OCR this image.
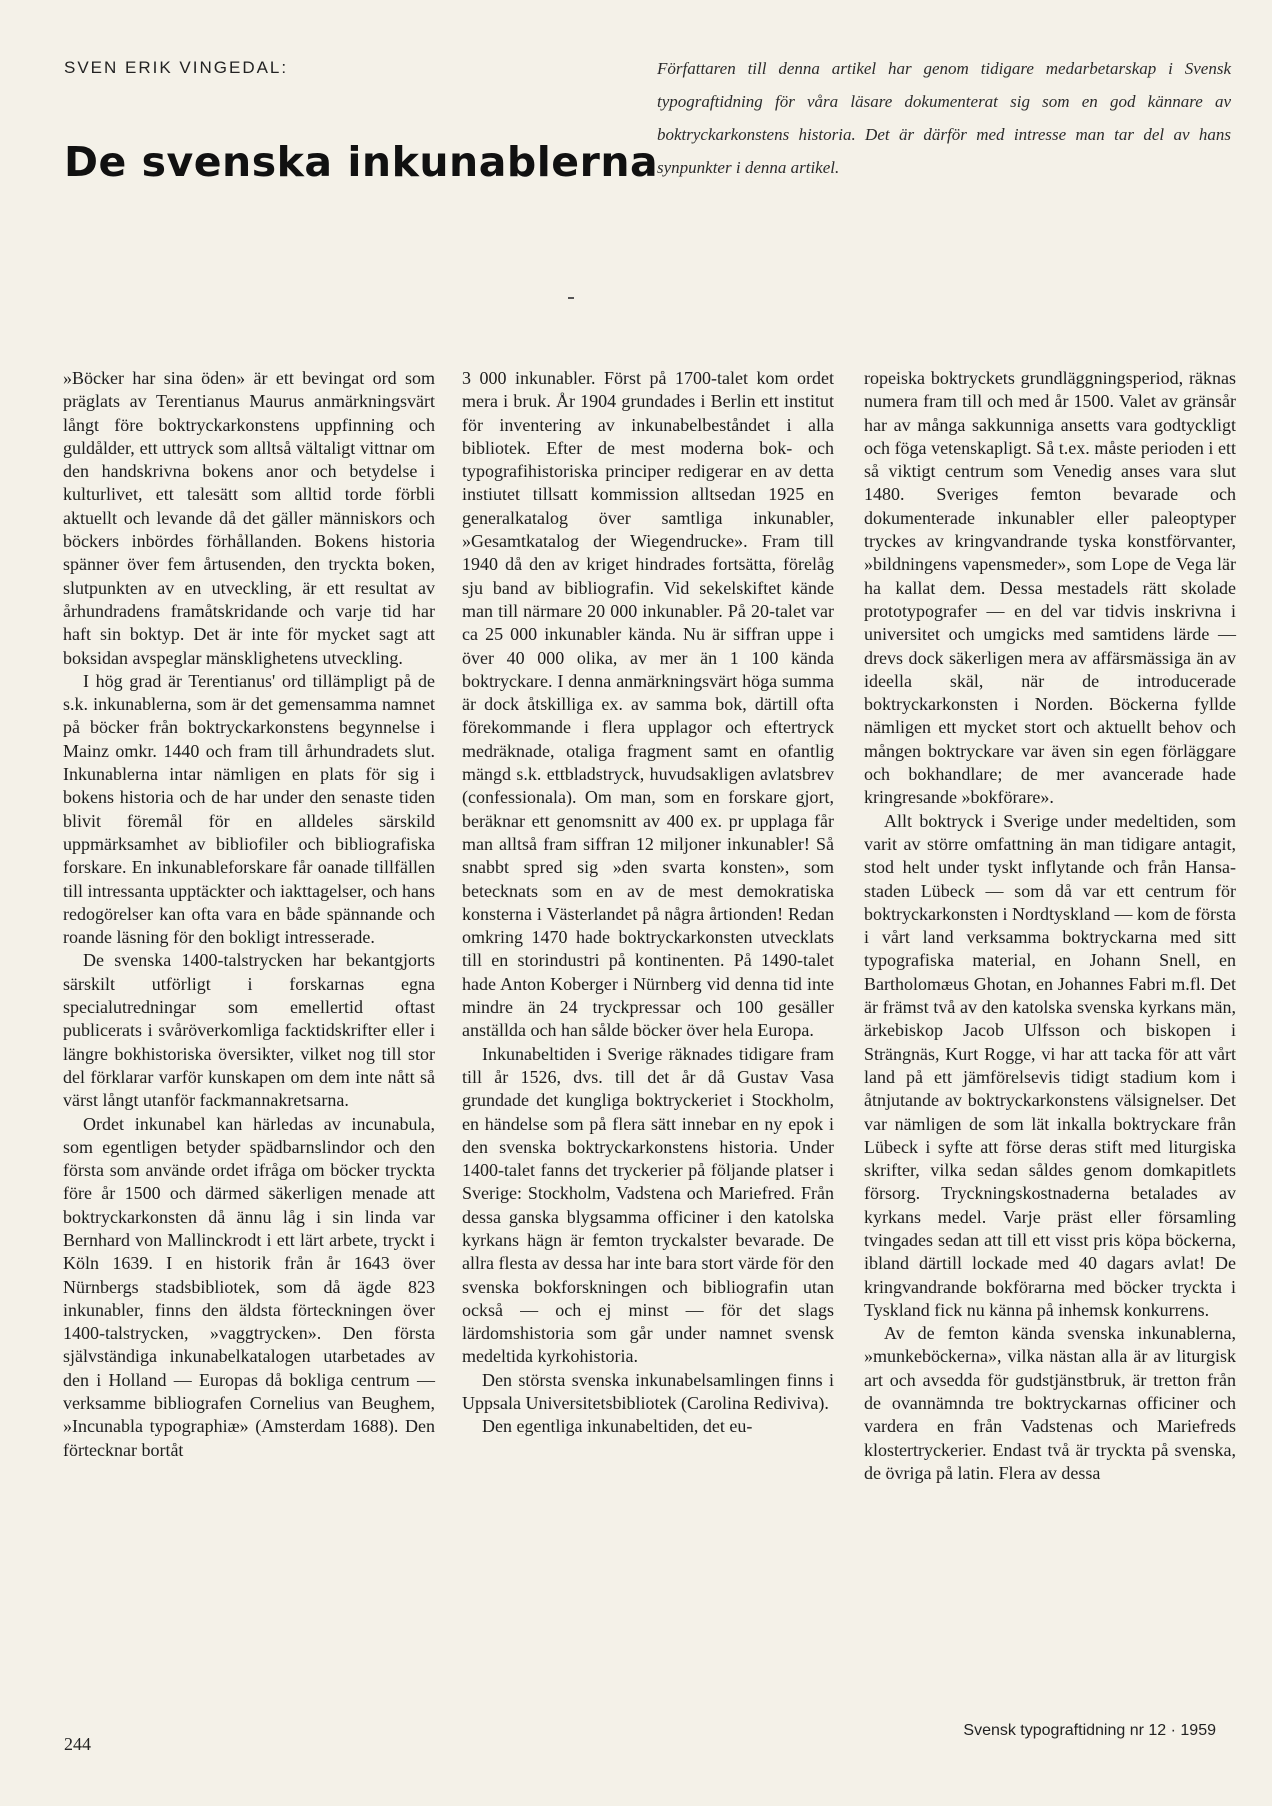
SVEN ERIK VINGEDAL:
De svenska inkunablerna
Författaren till denna artikel har genom tidigare medarbetarskap i Svensk typograftidning för våra läsare dokumenterat sig som en god kännare av boktryckarkonstens historia. Det är därför med intresse man tar del av hans synpunkter i denna artikel.

»Böcker har sina öden» är ett bevingat ord som präglats av Terentianus Maurus anmärkningsvärt långt före boktryckarkonstens uppfinning och guldålder, ett uttryck som alltså vältaligt vittnar om den handskrivna bokens anor och betydelse i kulturlivet, ett talesätt som alltid torde förbli aktuellt och levande då det gäller människors och böckers inbördes förhållanden. Bokens historia spänner över fem årtusenden, den tryckta boken, slutpunkten av en utveckling, är ett resultat av århundradens framåtskridande och varje tid har haft sin boktyp. Det är inte för mycket sagt att boksidan avspeglar mänsklighetens utveckling.

I hög grad är Terentianus' ord tillämpligt på de s.k. inkunablerna, som är det gemensamma namnet på böcker från boktryckarkonstens begynnelse i Mainz omkr. 1440 och fram till århundradets slut. Inkunablerna intar nämligen en plats för sig i bokens historia och de har under den senaste tiden blivit föremål för en alldeles särskild uppmärksamhet av bibliofiler och bibliografiska forskare. En inkunableforskare får oanade tillfällen till intressanta upptäckter och iakttagelser, och hans redogörelser kan ofta vara en både spännande och roande läsning för den bokligt intresserade.

De svenska 1400-talstrycken har bekantgjorts särskilt utförligt i forskarnas egna specialutredningar som emellertid oftast publicerats i svåröverkomliga facktidskrifter eller i längre bokhistoriska översikter, vilket nog till stor del förklarar varför kunskapen om dem inte nått så värst långt utanför fackmannakretsarna.

Ordet inkunabel kan härledas av incunabula, som egentligen betyder spädbarnslindor och den första som använde ordet ifråga om böcker tryckta före år 1500 och därmed säkerligen menade att boktryckarkonsten då ännu låg i sin linda var Bernhard von Mallinckrodt i ett lärt arbete, tryckt i Köln 1639. I en historik från år 1643 över Nürnbergs stadsbibliotek, som då ägde 823 inkunabler, finns den äldsta förteckningen över 1400-talstrycken, »vaggtrycken». Den första självständiga inkunabelkatalogen utarbetades av den i Holland — Europas då bokliga centrum — verksamme bibliografen Cornelius van Beughem, »Incunabla typographiæ» (Amsterdam 1688). Den förtecknar bortåt

3 000 inkunabler. Först på 1700-talet kom ordet mera i bruk. År 1904 grundades i Berlin ett institut för inventering av inkunabelbeståndet i alla bibliotek. Efter de mest moderna bok- och typografihistoriska principer redigerar en av detta instiutet tillsatt kommission alltsedan 1925 en generalkatalog över samtliga inkunabler, »Gesamtkatalog der Wiegendrucke». Fram till 1940 då den av kriget hindrades fortsätta, förelåg sju band av bibliografin. Vid sekelskiftet kände man till närmare 20 000 inkunabler. På 20-talet var ca 25 000 inkunabler kända. Nu är siffran uppe i över 40 000 olika, av mer än 1 100 kända boktryckare. I denna anmärkningsvärt höga summa är dock åtskilliga ex. av samma bok, därtill ofta förekommande i flera upplagor och eftertryck medräknade, otaliga fragment samt en ofantlig mängd s.k. ettbladstryck, huvudsakligen avlatsbrev (confessionala). Om man, som en forskare gjort, beräknar ett genomsnitt av 400 ex. pr upplaga får man alltså fram siffran 12 miljoner inkunabler! Så snabbt spred sig »den svarta konsten», som betecknats som en av de mest demokratiska konsterna i Västerlandet på några årtionden! Redan omkring 1470 hade boktryckarkonsten utvecklats till en storindustri på kontinenten. På 1490-talet hade Anton Koberger i Nürnberg vid denna tid inte mindre än 24 tryckpressar och 100 gesäller anställda och han sålde böcker över hela Europa.

Inkunabeltiden i Sverige räknades tidigare fram till år 1526, dvs. till det år då Gustav Vasa grundade det kungliga boktryckeriet i Stockholm, en händelse som på flera sätt innebar en ny epok i den svenska boktryckarkonstens historia. Under 1400-talet fanns det tryckerier på följande platser i Sverige: Stockholm, Vadstena och Mariefred. Från dessa ganska blygsamma officiner i den katolska kyrkans hägn är femton tryckalster bevarade. De allra flesta av dessa har inte bara stort värde för den svenska bokforskningen och bibliografin utan också — och ej minst — för det slags lärdomshistoria som går under namnet svensk medeltida kyrkohistoria.

Den största svenska inkunabelsamlingen finns i Uppsala Universitetsbibliotek (Carolina Rediviva).

Den egentliga inkunabeltiden, det eu-

ropeiska boktryckets grundläggningsperiod, räknas numera fram till och med år 1500. Valet av gränsår har av många sakkunniga ansetts vara godtyckligt och föga vetenskapligt. Så t.ex. måste perioden i ett så viktigt centrum som Venedig anses vara slut 1480. Sveriges femton bevarade och dokumenterade inkunabler eller paleoptyper tryckes av kringvandrande tyska konstförvanter, »bildningens vapensmeder», som Lope de Vega lär ha kallat dem. Dessa mestadels rätt skolade prototypografer — en del var tidvis inskrivna i universitet och umgicks med samtidens lärde — drevs dock säkerligen mera av affärsmässiga än av ideella skäl, när de introducerade boktryckarkonsten i Norden. Böckerna fyllde nämligen ett mycket stort och aktuellt behov och mången boktryckare var även sin egen förläggare och bokhandlare; de mer avancerade hade kringresande »bokförare».

Allt boktryck i Sverige under medeltiden, som varit av större omfattning än man tidigare antagit, stod helt under tyskt inflytande och från Hansa-staden Lübeck — som då var ett centrum för boktryckarkonsten i Nordtyskland — kom de första i vårt land verksamma boktryckarna med sitt typografiska material, en Johann Snell, en Bartholomæus Ghotan, en Johannes Fabri m.fl. Det är främst två av den katolska svenska kyrkans män, ärkebiskop Jacob Ulfsson och biskopen i Strängnäs, Kurt Rogge, vi har att tacka för att vårt land på ett jämförelsevis tidigt stadium kom i åtnjutande av boktryckarkonstens välsignelser. Det var nämligen de som lät inkalla boktryckare från Lübeck i syfte att förse deras stift med liturgiska skrifter, vilka sedan såldes genom domkapitlets försorg. Tryckningskostnaderna betalades av kyrkans medel. Varje präst eller församling tvingades sedan att till ett visst pris köpa böckerna, ibland därtill lockade med 40 dagars avlat! De kringvandrande bokförarna med böcker tryckta i Tyskland fick nu känna på inhemsk konkurrens.

Av de femton kända svenska inkunablerna, »munkeböckerna», vilka nästan alla är av liturgisk art och avsedda för gudstjänstbruk, är tretton från de ovannämnda tre boktryckarnas officiner och vardera en från Vadstenas och Mariefreds klostertryckerier. Endast två är tryckta på svenska, de övriga på latin. Flera av dessa

244
Svensk typograftidning nr 12 · 1959
